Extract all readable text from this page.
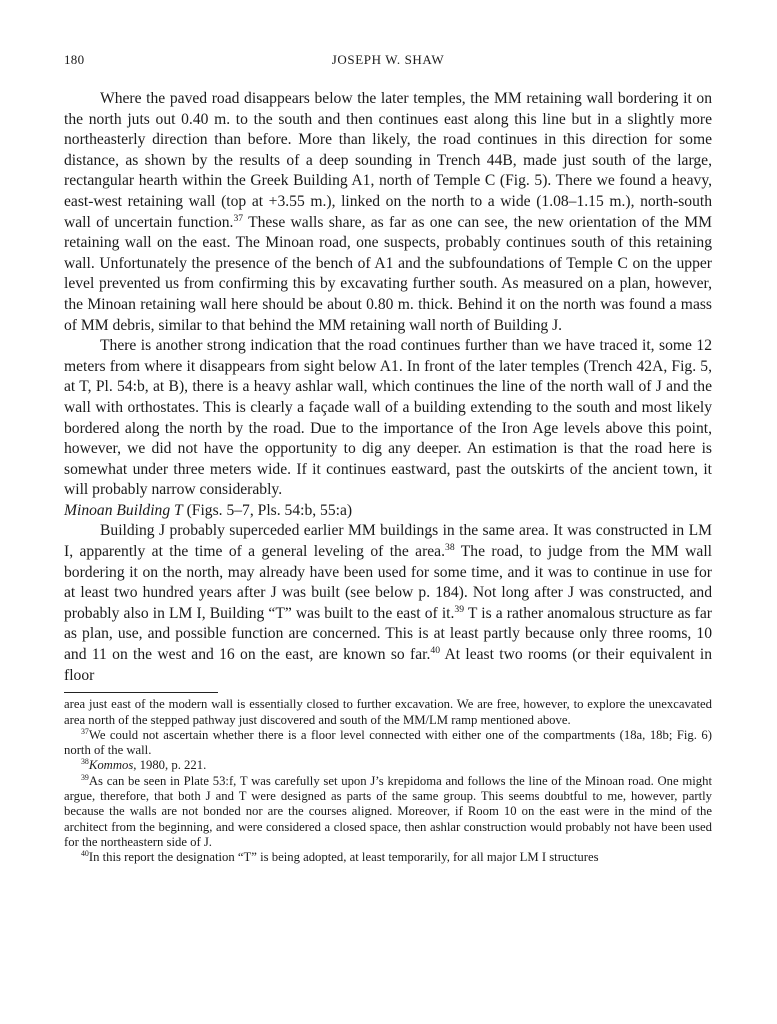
180	JOSEPH W. SHAW

Where the paved road disappears below the later temples, the MM retaining wall bordering it on the north juts out 0.40 m. to the south and then continues east along this line but in a slightly more northeasterly direction than before. More than likely, the road continues in this direction for some distance, as shown by the results of a deep sounding in Trench 44B, made just south of the large, rectangular hearth within the Greek Building A1, north of Temple C (Fig. 5). There we found a heavy, east-west retaining wall (top at +3.55 m.), linked on the north to a wide (1.08–1.15 m.), north-south wall of uncertain function.$^{37}$ These walls share, as far as one can see, the new orientation of the MM retaining wall on the east. The Minoan road, one suspects, probably continues south of this retaining wall. Unfortunately the presence of the bench of A1 and the subfoundations of Temple C on the upper level prevented us from confirming this by excavating further south. As measured on a plan, however, the Minoan retaining wall here should be about 0.80 m. thick. Behind it on the north was found a mass of MM debris, similar to that behind the MM retaining wall north of Building J.

There is another strong indication that the road continues further than we have traced it, some 12 meters from where it disappears from sight below A1. In front of the later temples (Trench 42A, Fig. 5, at T, Pl. 54:b, at B), there is a heavy ashlar wall, which continues the line of the north wall of J and the wall with orthostates. This is clearly a façade wall of a building extending to the south and most likely bordered along the north by the road. Due to the importance of the Iron Age levels above this point, however, we did not have the opportunity to dig any deeper. An estimation is that the road here is somewhat under three meters wide. If it continues eastward, past the outskirts of the ancient town, it will probably narrow considerably.

Minoan Building T (Figs. 5–7, Pls. 54:b, 55:a)

Building J probably superceded earlier MM buildings in the same area. It was constructed in LM I, apparently at the time of a general leveling of the area.$^{38}$ The road, to judge from the MM wall bordering it on the north, may already have been used for some time, and it was to continue in use for at least two hundred years after J was built (see below p. 184). Not long after J was constructed, and probably also in LM I, Building “T” was built to the east of it.$^{39}$ T is a rather anomalous structure as far as plan, use, and possible function are concerned. This is at least partly because only three rooms, 10 and 11 on the west and 16 on the east, are known so far.$^{40}$ At least two rooms (or their equivalent in floor

area just east of the modern wall is essentially closed to further excavation. We are free, however, to explore the unexcavated area north of the stepped pathway just discovered and south of the MM/LM ramp mentioned above.

$^{37}$We could not ascertain whether there is a floor level connected with either one of the compartments (18a, 18b; Fig. 6) north of the wall.

$^{38}$Kommos, 1980, p. 221.

$^{39}$As can be seen in Plate 53:f, T was carefully set upon J’s krepidoma and follows the line of the Minoan road. One might argue, therefore, that both J and T were designed as parts of the same group. This seems doubtful to me, however, partly because the walls are not bonded nor are the courses aligned. Moreover, if Room 10 on the east were in the mind of the architect from the beginning, and were considered a closed space, then ashlar construction would probably not have been used for the northeastern side of J.

$^{40}$In this report the designation “T” is being adopted, at least temporarily, for all major LM I structures
